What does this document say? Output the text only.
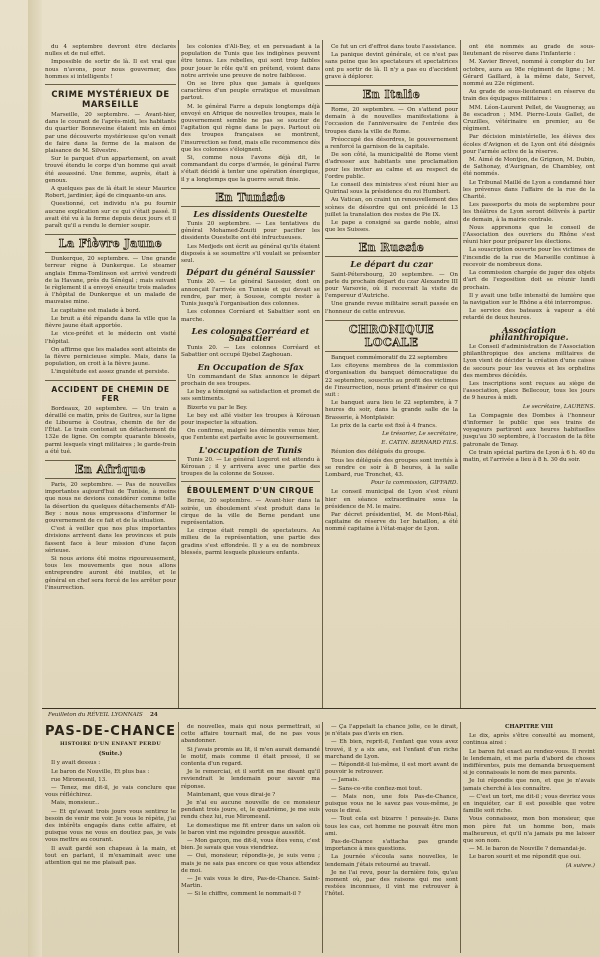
du 4 septembre devront être déclarés nulles et de nul effet.

Impossible de sortir de là. Il est vrai que nous n'avons, pour nous gouverner, des hommes si intelligents !

CRIME MYSTÉRIEUX DE MARSEILLE

Marseille, 20 septembre. — Avant-hier, dans le courant de l'après-midi, les habitants du quartier Bonneveine étaient mis en émoi par une découverte mystérieuse qu'on venait de faire dans la ferme de la maison de plaisance de M. Silvestre.

Sur le parquet d'un appartement, on avait trouvé étendu le corps d'un homme qui avait été assassiné. Une femme, auprès, était à genoux.

A quelques pas de là était le sieur Maurice Robert, jardinier, âgé de cinquante-un ans.

Questionné, cet individu n'a pu fournir aucune explication sur ce qui s'était passé. Il avait été vu à la ferme depuis deux jours et il paraît qu'il a rendu le dernier soupir.

La Fièvre Jaune

Dunkerque, 20 septembre. — Une grande terreur règne à Dunkerque. Le steamer anglais Emma-Tomlinson est arrivé vendredi de la Havane, près du Sénégal ; mais suivant le règlement il a envoyé ensuite trois malades à l'hôpital de Dunkerque et un malade de mauvaise mine.

Le capitaine est malade à bord.

Le bruit a été répandu dans la ville que la fièvre jaune était apportée.

Le vice-préfet et le médecin ont visité l'hôpital.

On affirme que les malades sont atteints de la fièvre pernicieuse simple. Mais, dans la population, on croit à la fièvre jaune.

L'inquiétude est assez grande et persiste.

ACCIDENT DE CHEMIN DE FER

Bordeaux, 20 septembre. — Un train a déraillé ce matin, près de Guitres, sur la ligne de Libourne à Coutras, chemin de fer de l'État. Le train contenait un détachement du 132e de ligne. On compte quarante blessés, parmi lesquels vingt militaires ; le garde-frein a été tué.

En Afrique

Paris, 20 septembre. — Pas de nouvelles importantes aujourd'hui de Tunisie, à moins que nous ne devions considérer comme telle la désertion du quelques détachements d'Ali-Bey : nous nous empressons d'informer le gouvernement de ce fait et de la situation.

C'est à veiller que nos plus importantes divisions arrivent dans les provinces et puis fassent face à leur mission d'une façon sérieuse.

Si nous avions été moins rigoureusement, tous les mouvements que nous allons entreprendre auront été inutiles, et le général en chef sera forcé de les arrêter pour l'insurrection.

les colonies d'Ali-Bey, et en persuadant à la population de Tunis que les indigènes peuvent être tenus. Les rebelles, qui sont trop faibles pour jouer le rôle qu'il en prétend, voient dans notre arrivée une preuve de notre faiblesse.

On se livre plus que jamais à quelques caractères d'un peuple erratique et musulman partout.

M. le général Farre a depuis longtemps déjà envoyé en Afrique de nouvelles troupes, mais le gouvernement semble ne pas se soucier de l'agitation qui règne dans le pays. Partout où des troupes françaises se montrent, l'insurrection se fond, mais elle recommence dès que les colonnes s'éloignent.

Si, comme nous l'avons déjà dit, le commandant du corps d'armée, le général Farre s'était décidé à tenter une opération énergique, il y a longtemps que la guerre serait finie.

En Tunisie
Les dissidents Ouestelte

Tunis 20 septembre. — Les tentatives du général Mohamed-Zouiti pour pacifier les dissidents Ouestelte ont été infructueuses.

Les Medjeds ont écrit au général qu'ils étaient disposés à se soumettre s'il voulait se présenter seul.

Départ du général Saussier

Tunis 20. — Le général Saussier, dont on annonçait l'arrivée en Tunisie et qui devait se rendre, par mer, à Sousse, compte rester à Tunis jusqu'à l'organisation des colonnes.

Les colonnes Corréard et Sabattier sont en marche.

Les colonnes Corréard et Sabattier

Tunis 20. — Les colonnes Corréard et Sabattier ont occupé Djebel Zaghouan.

En Occupation de Sfax

Un commandant de Sfax annonce le départ prochain de ses troupes.

Le bey a témoigné sa satisfaction et promet de ses sentiments.

Bizerte vu par le Bey.

Le bey est allé visiter les troupes à Kérouan pour inspecter la situation.

On confirme, malgré les démentis venus hier, que l'entente est parfaite avec le gouvernement.

L'occupation de Tunis

Tunis 20. — Le général Logerot est attendu à Kérouan ; il y arrivera avec une partie des troupes de la colonne de Sousse.

ÉBOULEMENT D'UN CIRQUE

Berne, 20 septembre. — Avant-hier dans la soirée, un éboulement s'est produit dans le cirque de la ville de Berne pendant une représentation.

Le cirque était rempli de spectateurs. Au milieu de la représentation, une partie des gradins s'est effondrée. Il y a eu de nombreux blessés, parmi lesquels plusieurs enfants.

Ce fut un cri d'effroi dans toute l'assistance.

La panique devint générale, et ce n'est pas sans peine que les spectateurs et spectatrices ont pu sortir de là. Il n'y a pas eu d'accident grave à déplorer.

En Italie

Rome, 20 septembre. — On s'attend pour demain à de nouvelles manifestations à l'occasion de l'anniversaire de l'entrée des troupes dans la ville de Rome.

Préoccupé des désordres, le gouvernement a renforcé la garnison de la capitale.

De son côté, la municipalité de Rome vient d'adresser aux habitants une proclamation pour les inviter au calme et au respect de l'ordre public.

Le conseil des ministres s'est réuni hier au Quirinal sous la présidence du roi Humbert.

Au Vatican, on craint un renouvellement des scènes de désordre qui ont précédé le 13 juillet la translation des restes de Pie IX.

Le pape a consigné sa garde noble, ainsi que les Suisses.

En Russie
Le départ du czar

Saint-Pétersbourg, 20 septembre. — On parle du prochain départ du czar Alexandre III pour Varsovie, où il recevrait la visite de l'empereur d'Autriche.

Une grande revue militaire serait passée en l'honneur de cette entrevue.

CHRONIQUE LOCALE

Banquet commémoratif du 22 septembre

Les citoyens membres de la commission d'organisation du banquet démocratique du 22 septembre, souscrits au profit des victimes de l'insurrection, nous prient d'insérer ce qui suit :

Le banquet aura lieu le 22 septembre, à 7 heures du soir, dans la grande salle de la Brasserie, à Montplaisir.

Le prix de la carte est fixé à 4 francs.

Le trésorier, Le secrétaire,
E. CATIN. BERNARD FILS.

Réunion des délégués du groupe.

Tous les délégués des groupes sont invités à se rendre ce soir à 8 heures, à la salle Lombard, rue Tronchet, 43.

Pour la commission, GIFFARD.

Le conseil municipal de Lyon s'est réuni hier en séance extraordinaire sous la présidence de M. le maire.

Par décret présidentiel, M. de Mont-Réal, capitaine de réserve du 1er bataillon, a été nommé capitaine à l'état-major de Lyon.

ont été nommés au grade de sous-lieutenant de réserve dans l'infanterie :

M. Xavier Brevet, nommé à compter du 1er octobre, aura au 98e régiment de ligne ; M. Gérard Gaillard, à la même date, Servet, nommé au 22e régiment.

Au grade de sous-lieutenant en réserve du train des équipages militaires :

MM. Léon-Laurent Pellet, de Vaugneray, au 8e escadron ; MM. Pierre-Louis Gallet, de Cruzilles, vétérinaire en premier, au 6e régiment.

Par décision ministérielle, les élèves des écoles d'Avignon et de Lyon ont été désignés pour l'armée active de la réserve.

M. Aimé de Montjon, de Grignon, M. Dubin, de Sathonay, d'Aurignan, de Chambley, ont été nommés.

Le Tribunal Maillé de Lyon a condamné hier les prévenus dans l'affaire de la rue de la Charité.

Les passeports du mois de septembre pour les théâtres de Lyon seront délivrés à partir de demain, à la mairie centrale.

Nous apprenons que le conseil de l'Association des ouvriers du Rhône s'est réuni hier pour préparer les élections.

La souscription ouverte pour les victimes de l'incendie de la rue de Marseille continue à recevoir de nombreux dons.

La commission chargée de juger des objets d'art de l'exposition doit se réunir lundi prochain.

Il y avait une telle intensité de lumière que la navigation sur le Rhône a été interrompue.

Le service des bateaux à vapeur a été retardé de deux heures.

Association philanthropique.

Le Conseil d'administration de l'Association philanthropique des anciens militaires de Lyon vient de décider la création d'une caisse de secours pour les veuves et les orphelins des membres décédés.

Les inscriptions sont reçues au siège de l'association, place Bellecour, tous les jours de 9 heures à midi.

Le secrétaire, LAURENS.

La Compagnie des Dombes à l'honneur d'informer le public que ses trains de voyageurs partiront aux heures habituelles jusqu'au 30 septembre, à l'occasion de la fête patronale de Tenay.

Ce train spécial partira de Lyon à 6 h. 40 du matin, et l'arrivée a lieu à 8 h. 30 du soir.

Feuilleton du RÉVEIL LYONNAIS 24
PAS-DE-CHANCE
HISTOIRE D'UN ENFANT PERDU
(Suite.)

Il y avait dessus :

Le baron de Nouville, Et plus bas :

rue Miromesnil, 13.

— Tenez, me dit-il, je vais conclure que vous réfléchirez.

Mais, monsieur...

— Et qu'avant trois jours vous sentirez le besoin de venir me voir. Je vous le répète, j'ai des intérêts engagés dans cette affaire, et puisque vous ne vous en doutiez pas, je vais vous mettre au courant.

Il avait gardé son chapeau à la main, et tout en parlant, il m'examinait avec une attention qui ne me plaisait pas.

de nouvelles, mais qui nous permettrait, si cette affaire tournait mal, de ne pas vous abandonner.

Si j'avais promis au lit, il m'en aurait demandé le motif, mais comme il était pressé, il se contenta d'un regard.

Je le remerciai, et il sortit en me disant qu'il reviendrait le lendemain pour savoir ma réponse.

Maintenant, que vous dirai-je ?

Je n'ai eu aucune nouvelle de ce monsieur pendant trois jours, et, le quatrième, je me suis rendu chez lui, rue Miromesnil.

Le domestique me fit entrer dans un salon où le baron vint me rejoindre presque aussitôt.

— Mon garçon, me dit-il, vous êtes venu, c'est bien. Je savais que vous viendriez.

— Oui, monsieur, répondis-je, je suis venu ; mais je ne sais pas encore ce que vous attendez de moi.

— Je vais vous le dire, Pas-de-Chance. Saint-Martin.

— Si le chiffre, comment le nommait-il ?

— Ça l'appelait la chance jolie, ce le dirait, je n'étais pas d'avis en rien.

— Eh bien, reprit-il, l'enfant que vous avez trouvé, il y a six ans, est l'enfant d'un riche marchand de Lyon.

— Répondit-il lui-même, il est mort avant de pouvoir le retrouver.

— Jamais.

— Sans-ce-vite confiez-moi tout.

— Mais non, une fois Pas-de-Chance, puisque vous ne le savez pas vous-même, je vous le dirai.

— Tout cela est bizarre ! pensais-je. Dans tous les cas, cet homme ne pouvait être mon ami.

Pas-de-Chance s'attacha pas grande importance à mes questions.

La journée s'écoula sans nouvelles, le lendemain j'étais retourné au travail.

Je ne l'ai revu, pour la dernière fois, qu'au moment où, par des raisons qui me sont restées inconnues, il vint me retrouver à l'hôtel.

CHAPITRE VIII

Le dix, après s'être consulté au moment, continua ainsi :

Le baron fut exact au rendez-vous. Il revint le lendemain, et me parla d'abord de choses indifférentes, puis me demanda brusquement si je connaissais le nom de mes parents.

Je lui répondis que non, et que je n'avais jamais cherché à les connaître.

— C'est un tort, me dit-il ; vous devriez vous en inquiéter, car il est possible que votre famille soit riche.

Vous connaissez, mon bon monsieur, que mon père fut un homme bon, mais malheureux, et qu'il n'a jamais pu me laisser que son nom.

— M. le baron de Nouville ? demandai-je.

Le baron sourit et me répondit que oui.

(A suivre.)
